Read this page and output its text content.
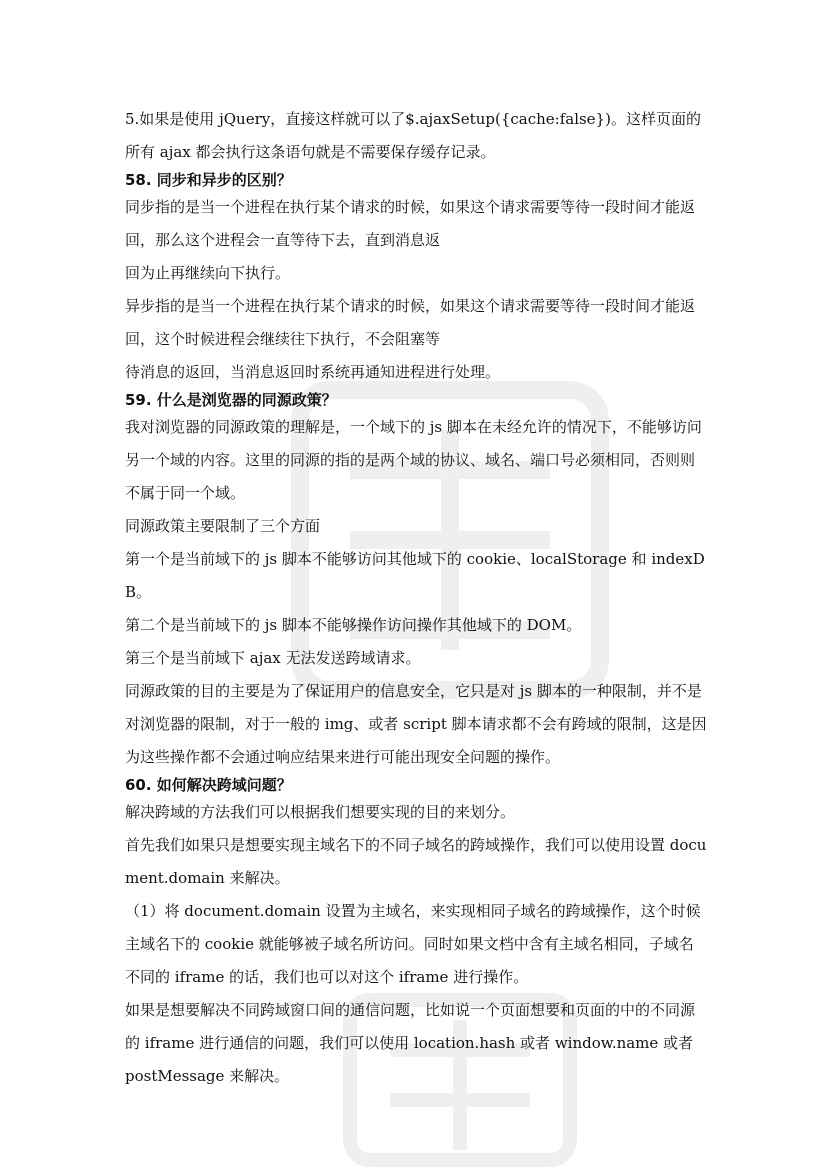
5.如果是使用 jQuery，直接这样就可以了$.ajaxSetup({cache:false})。这样页面的所有 ajax 都会执行这条语句就是不需要保存缓存记录。

58. 同步和异步的区别？

同步指的是当一个进程在执行某个请求的时候，如果这个请求需要等待一段时间才能返回，那么这个进程会一直等待下去，直到消息返

回为止再继续向下执行。

异步指的是当一个进程在执行某个请求的时候，如果这个请求需要等待一段时间才能返回，这个时候进程会继续往下执行，不会阻塞等

待消息的返回，当消息返回时系统再通知进程进行处理。

59. 什么是浏览器的同源政策？

我对浏览器的同源政策的理解是，一个域下的 js 脚本在未经允许的情况下，不能够访问另一个域的内容。这里的同源的指的是两个域的协议、域名、端口号必须相同，否则则不属于同一个域。

同源政策主要限制了三个方面

第一个是当前域下的 js 脚本不能够访问其他域下的 cookie、localStorage 和 indexDB。

第二个是当前域下的 js 脚本不能够操作访问操作其他域下的 DOM。

第三个是当前域下 ajax 无法发送跨域请求。

同源政策的目的主要是为了保证用户的信息安全，它只是对 js 脚本的一种限制，并不是对浏览器的限制，对于一般的 img、或者 script 脚本请求都不会有跨域的限制，这是因为这些操作都不会通过响应结果来进行可能出现安全问题的操作。

60. 如何解决跨域问题？

解决跨域的方法我们可以根据我们想要实现的目的来划分。

首先我们如果只是想要实现主域名下的不同子域名的跨域操作，我们可以使用设置 document.domain 来解决。

（1）将 document.domain 设置为主域名，来实现相同子域名的跨域操作，这个时候主域名下的 cookie 就能够被子域名所访问。同时如果文档中含有主域名相同，子域名不同的 iframe 的话，我们也可以对这个 iframe 进行操作。

如果是想要解决不同跨域窗口间的通信问题，比如说一个页面想要和页面的中的不同源的 iframe 进行通信的问题，我们可以使用 location.hash 或者 window.name 或者 postMessage 来解决。
